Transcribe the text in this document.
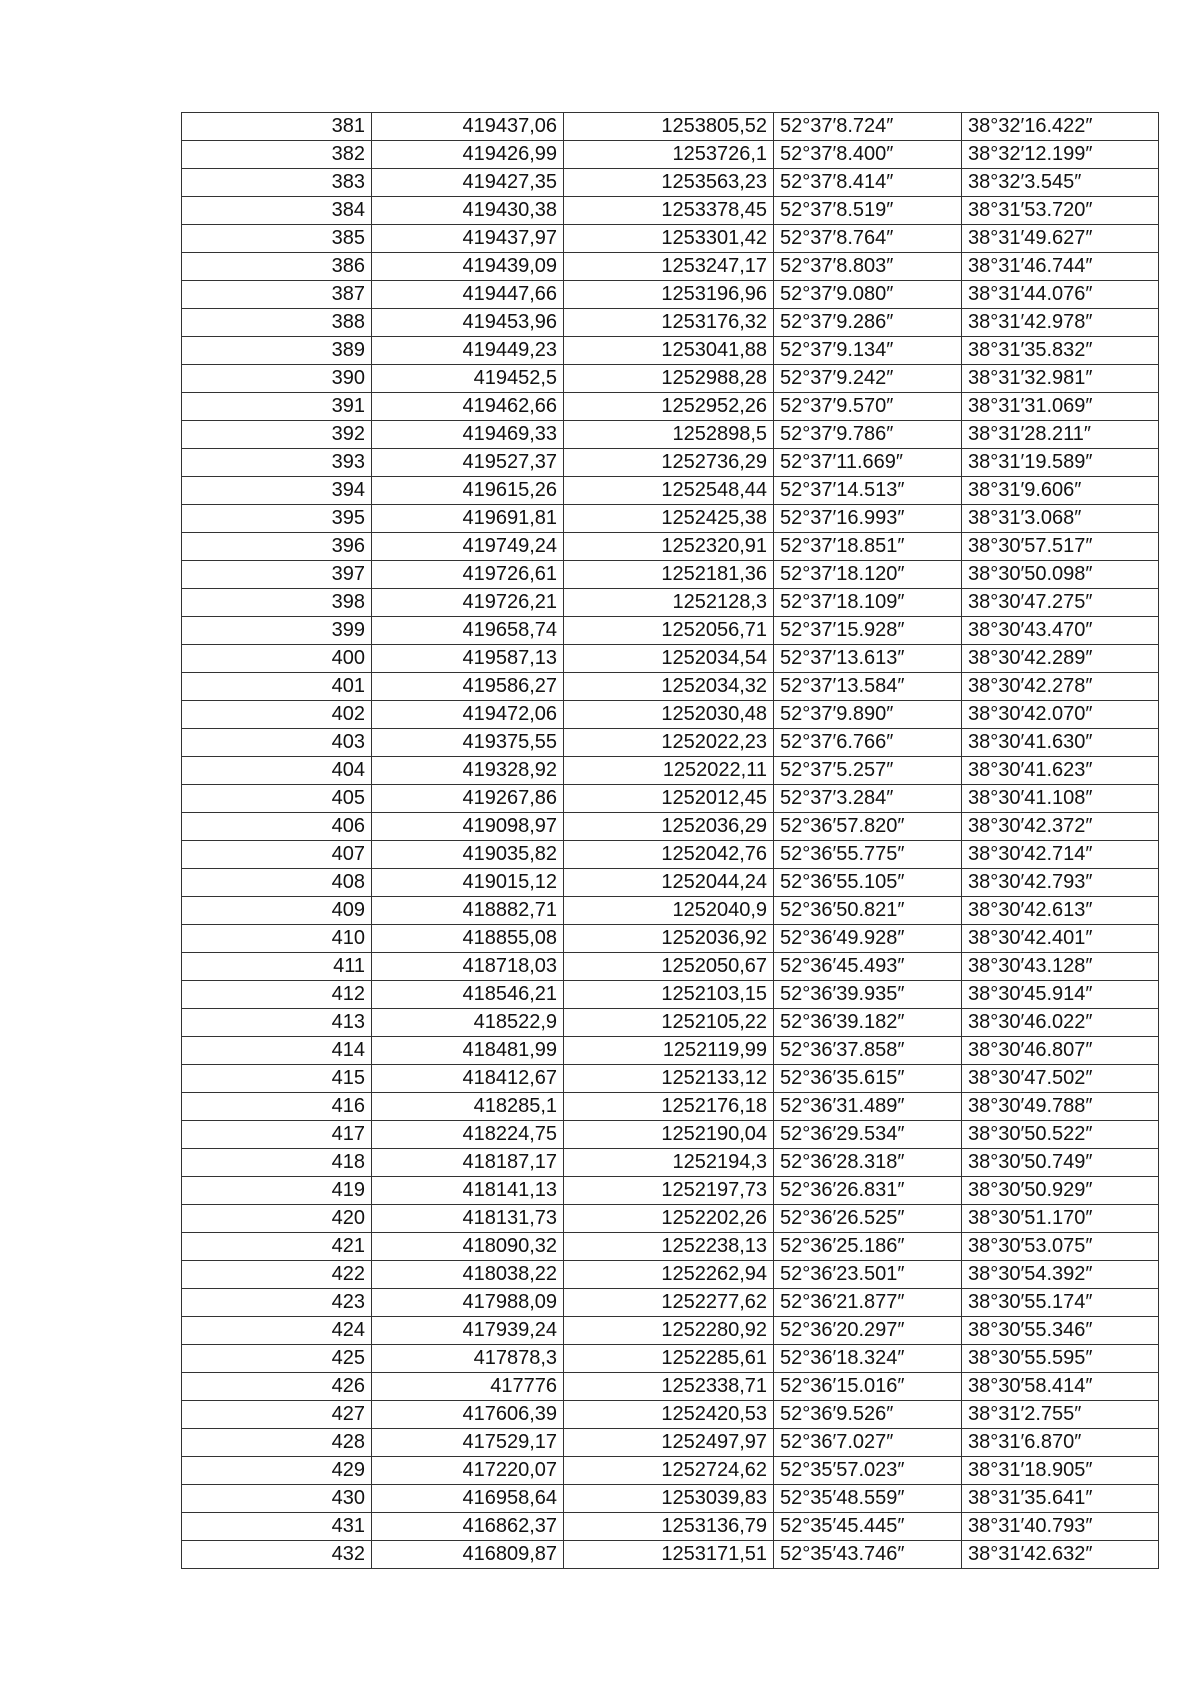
381	419437,06	1253805,52	52°37′8.724″	38°32′16.422″
382	419426,99	1253726,1	52°37′8.400″	38°32′12.199″
383	419427,35	1253563,23	52°37′8.414″	38°32′3.545″
384	419430,38	1253378,45	52°37′8.519″	38°31′53.720″
385	419437,97	1253301,42	52°37′8.764″	38°31′49.627″
386	419439,09	1253247,17	52°37′8.803″	38°31′46.744″
387	419447,66	1253196,96	52°37′9.080″	38°31′44.076″
388	419453,96	1253176,32	52°37′9.286″	38°31′42.978″
389	419449,23	1253041,88	52°37′9.134″	38°31′35.832″
390	419452,5	1252988,28	52°37′9.242″	38°31′32.981″
391	419462,66	1252952,26	52°37′9.570″	38°31′31.069″
392	419469,33	1252898,5	52°37′9.786″	38°31′28.211″
393	419527,37	1252736,29	52°37′11.669″	38°31′19.589″
394	419615,26	1252548,44	52°37′14.513″	38°31′9.606″
395	419691,81	1252425,38	52°37′16.993″	38°31′3.068″
396	419749,24	1252320,91	52°37′18.851″	38°30′57.517″
397	419726,61	1252181,36	52°37′18.120″	38°30′50.098″
398	419726,21	1252128,3	52°37′18.109″	38°30′47.275″
399	419658,74	1252056,71	52°37′15.928″	38°30′43.470″
400	419587,13	1252034,54	52°37′13.613″	38°30′42.289″
401	419586,27	1252034,32	52°37′13.584″	38°30′42.278″
402	419472,06	1252030,48	52°37′9.890″	38°30′42.070″
403	419375,55	1252022,23	52°37′6.766″	38°30′41.630″
404	419328,92	1252022,11	52°37′5.257″	38°30′41.623″
405	419267,86	1252012,45	52°37′3.284″	38°30′41.108″
406	419098,97	1252036,29	52°36′57.820″	38°30′42.372″
407	419035,82	1252042,76	52°36′55.775″	38°30′42.714″
408	419015,12	1252044,24	52°36′55.105″	38°30′42.793″
409	418882,71	1252040,9	52°36′50.821″	38°30′42.613″
410	418855,08	1252036,92	52°36′49.928″	38°30′42.401″
411	418718,03	1252050,67	52°36′45.493″	38°30′43.128″
412	418546,21	1252103,15	52°36′39.935″	38°30′45.914″
413	418522,9	1252105,22	52°36′39.182″	38°30′46.022″
414	418481,99	1252119,99	52°36′37.858″	38°30′46.807″
415	418412,67	1252133,12	52°36′35.615″	38°30′47.502″
416	418285,1	1252176,18	52°36′31.489″	38°30′49.788″
417	418224,75	1252190,04	52°36′29.534″	38°30′50.522″
418	418187,17	1252194,3	52°36′28.318″	38°30′50.749″
419	418141,13	1252197,73	52°36′26.831″	38°30′50.929″
420	418131,73	1252202,26	52°36′26.525″	38°30′51.170″
421	418090,32	1252238,13	52°36′25.186″	38°30′53.075″
422	418038,22	1252262,94	52°36′23.501″	38°30′54.392″
423	417988,09	1252277,62	52°36′21.877″	38°30′55.174″
424	417939,24	1252280,92	52°36′20.297″	38°30′55.346″
425	417878,3	1252285,61	52°36′18.324″	38°30′55.595″
426	417776	1252338,71	52°36′15.016″	38°30′58.414″
427	417606,39	1252420,53	52°36′9.526″	38°31′2.755″
428	417529,17	1252497,97	52°36′7.027″	38°31′6.870″
429	417220,07	1252724,62	52°35′57.023″	38°31′18.905″
430	416958,64	1253039,83	52°35′48.559″	38°31′35.641″
431	416862,37	1253136,79	52°35′45.445″	38°31′40.793″
432	416809,87	1253171,51	52°35′43.746″	38°31′42.632″
